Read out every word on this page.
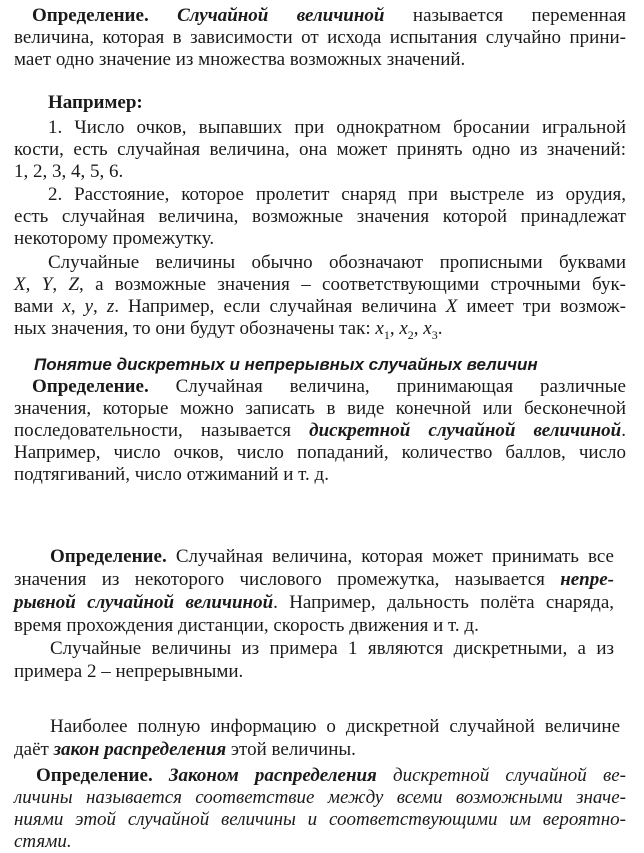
Определение. Случайной величиной называется переменная

величина, которая в зависимости от исхода испытания случайно прини-

мает одно значение из множества возможных значений.

Например:

1. Число очков, выпавших при однократном бросании игральной

кости, есть случайная величина, она может принять одно из значений:

1, 2, 3, 4, 5, 6.

2. Расстояние, которое пролетит снаряд при выстреле из орудия,

есть случайная величина, возможные значения которой принадлежат

некоторому промежутку.

Случайные величины обычно обозначают прописными буквами

X, Y, Z, а возможные значения – соответствующими строчными бук-

вами x, y, z. Например, если случайная величина X имеет три возмож-

ных значения, то они будут обозначены так: $x_1$, $x_2$, $x_3$.

Понятие дискретных и непрерывных случайных величин

Определение. Случайная величина, принимающая различные

значения, которые можно записать в виде конечной или бесконечной

последовательности, называется дискретной случайной величиной.

Например, число очков, число попаданий, количество баллов, число

подтягиваний, число отжиманий и т. д.

Определение. Случайная величина, которая может принимать все

значения из некоторого числового промежутка, называется непре-

рывной случайной величиной. Например, дальность полёта снаряда,

время прохождения дистанции, скорость движения и т. д.

Случайные величины из примера 1 являются дискретными, а из

примера 2 – непрерывными.

Наиболее полную информацию о дискретной случайной величине

даёт закон распределения этой величины.

Определение. Законом распределения дискретной случайной ве-

личины называется соответствие между всеми возможными значе-

ниями этой случайной величины и соответствующими им вероятно-

стями.
